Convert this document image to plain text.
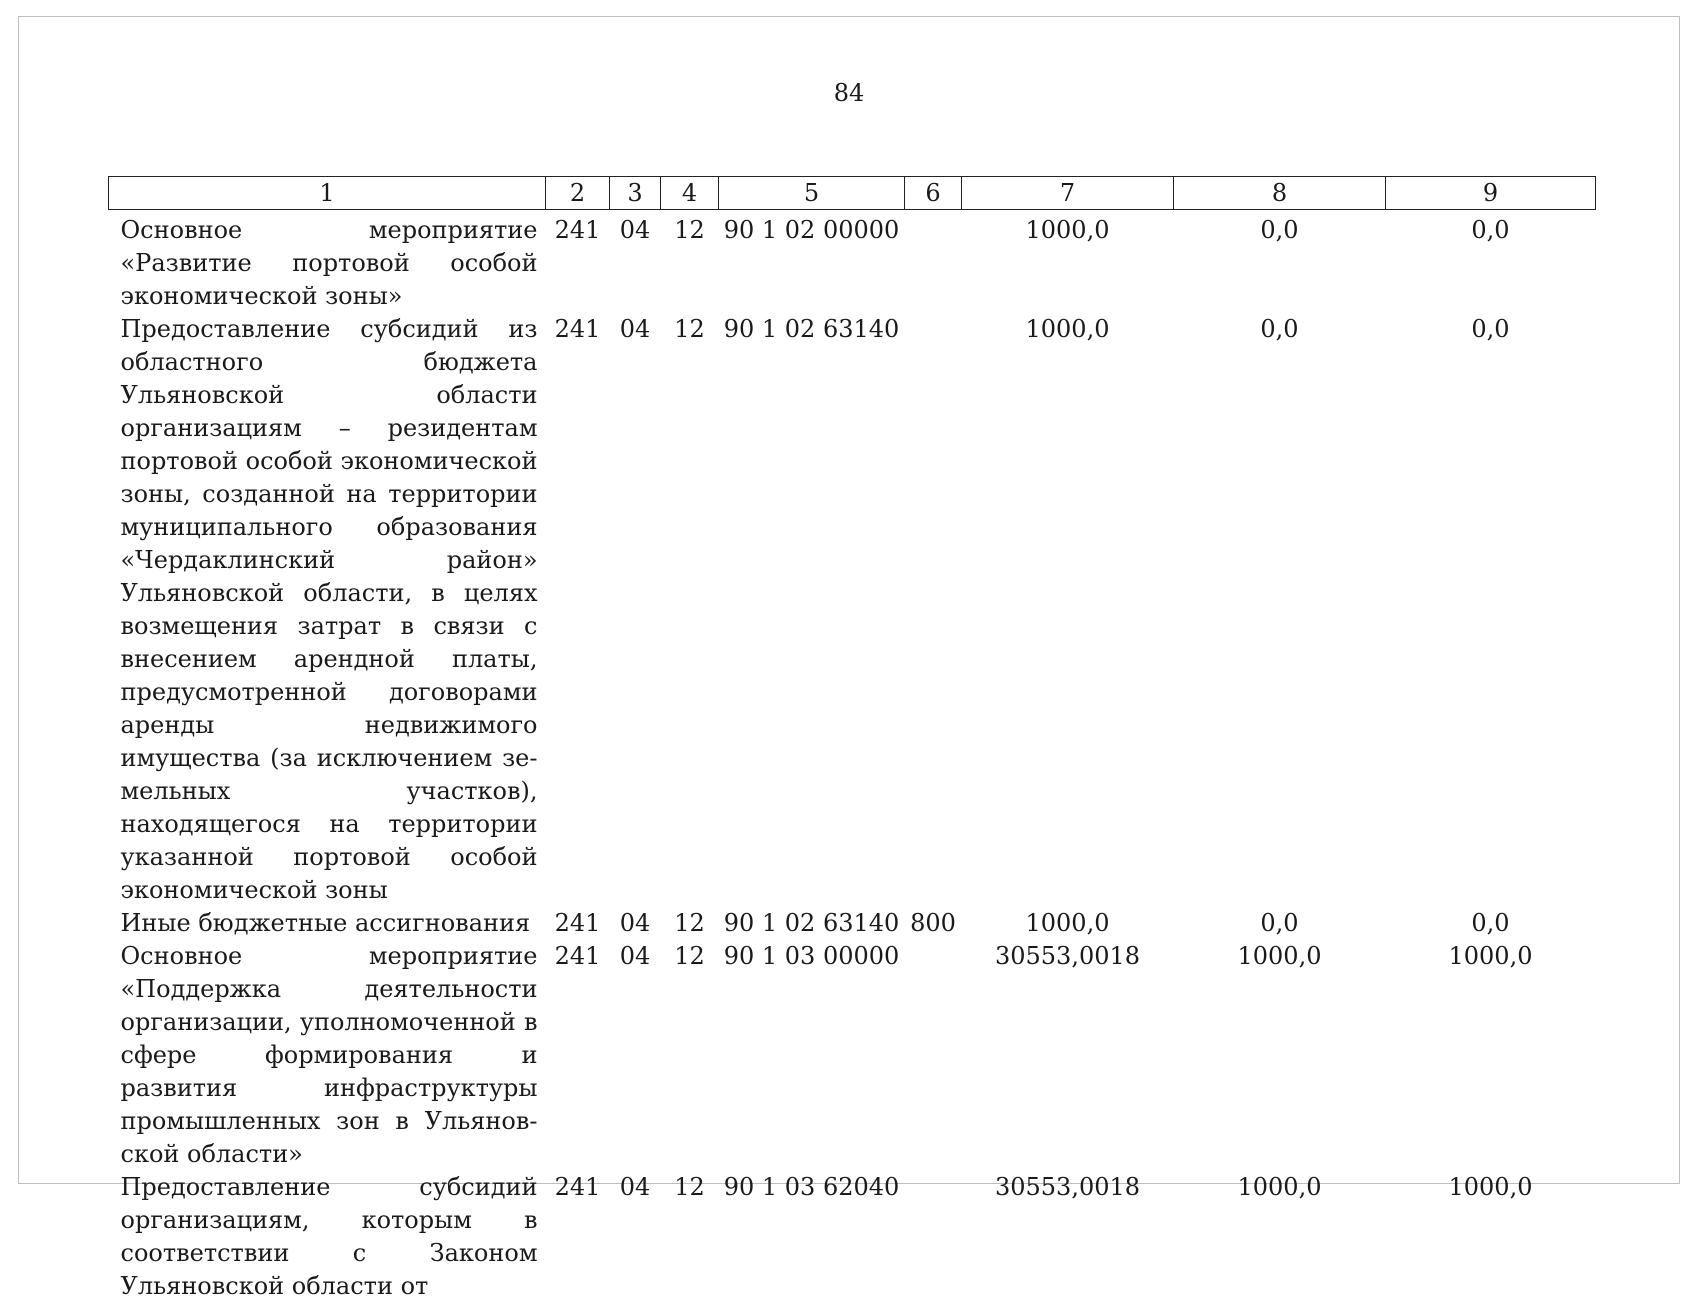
84
1	2	3	4	5	6	7	8	9
Основное мероприятие «Развитие портовой особой экономической зоны»	241	04	12	90 1 02 00000		1000,0	0,0	0,0
Предоставление субсидий из областного бюджета Ульяновской области организациям – резидентам портовой особой экономической зоны, созданной на территории муниципального образования «Чердаклинский район» Ульяновской области, в целях возмещения затрат в связи с внесением арендной платы, предусмотренной договорами аренды недвижимого имущества (за исключением земельных участков), находящегося на территории указанной портовой особой экономической зоны	241	04	12	90 1 02 63140		1000,0	0,0	0,0
Иные бюджетные ассигнования	241	04	12	90 1 02 63140	800	1000,0	0,0	0,0
Основное мероприятие «Поддержка деятельности организации, уполномоченной в сфере формирования и развития инфраструктуры промышленных зон в Ульяновской области»	241	04	12	90 1 03 00000		30553,0018	1000,0	1000,0
Предоставление субсидий организациям, которым в соответствии с Законом Ульяновской области от	241	04	12	90 1 03 62040		30553,0018	1000,0	1000,0
